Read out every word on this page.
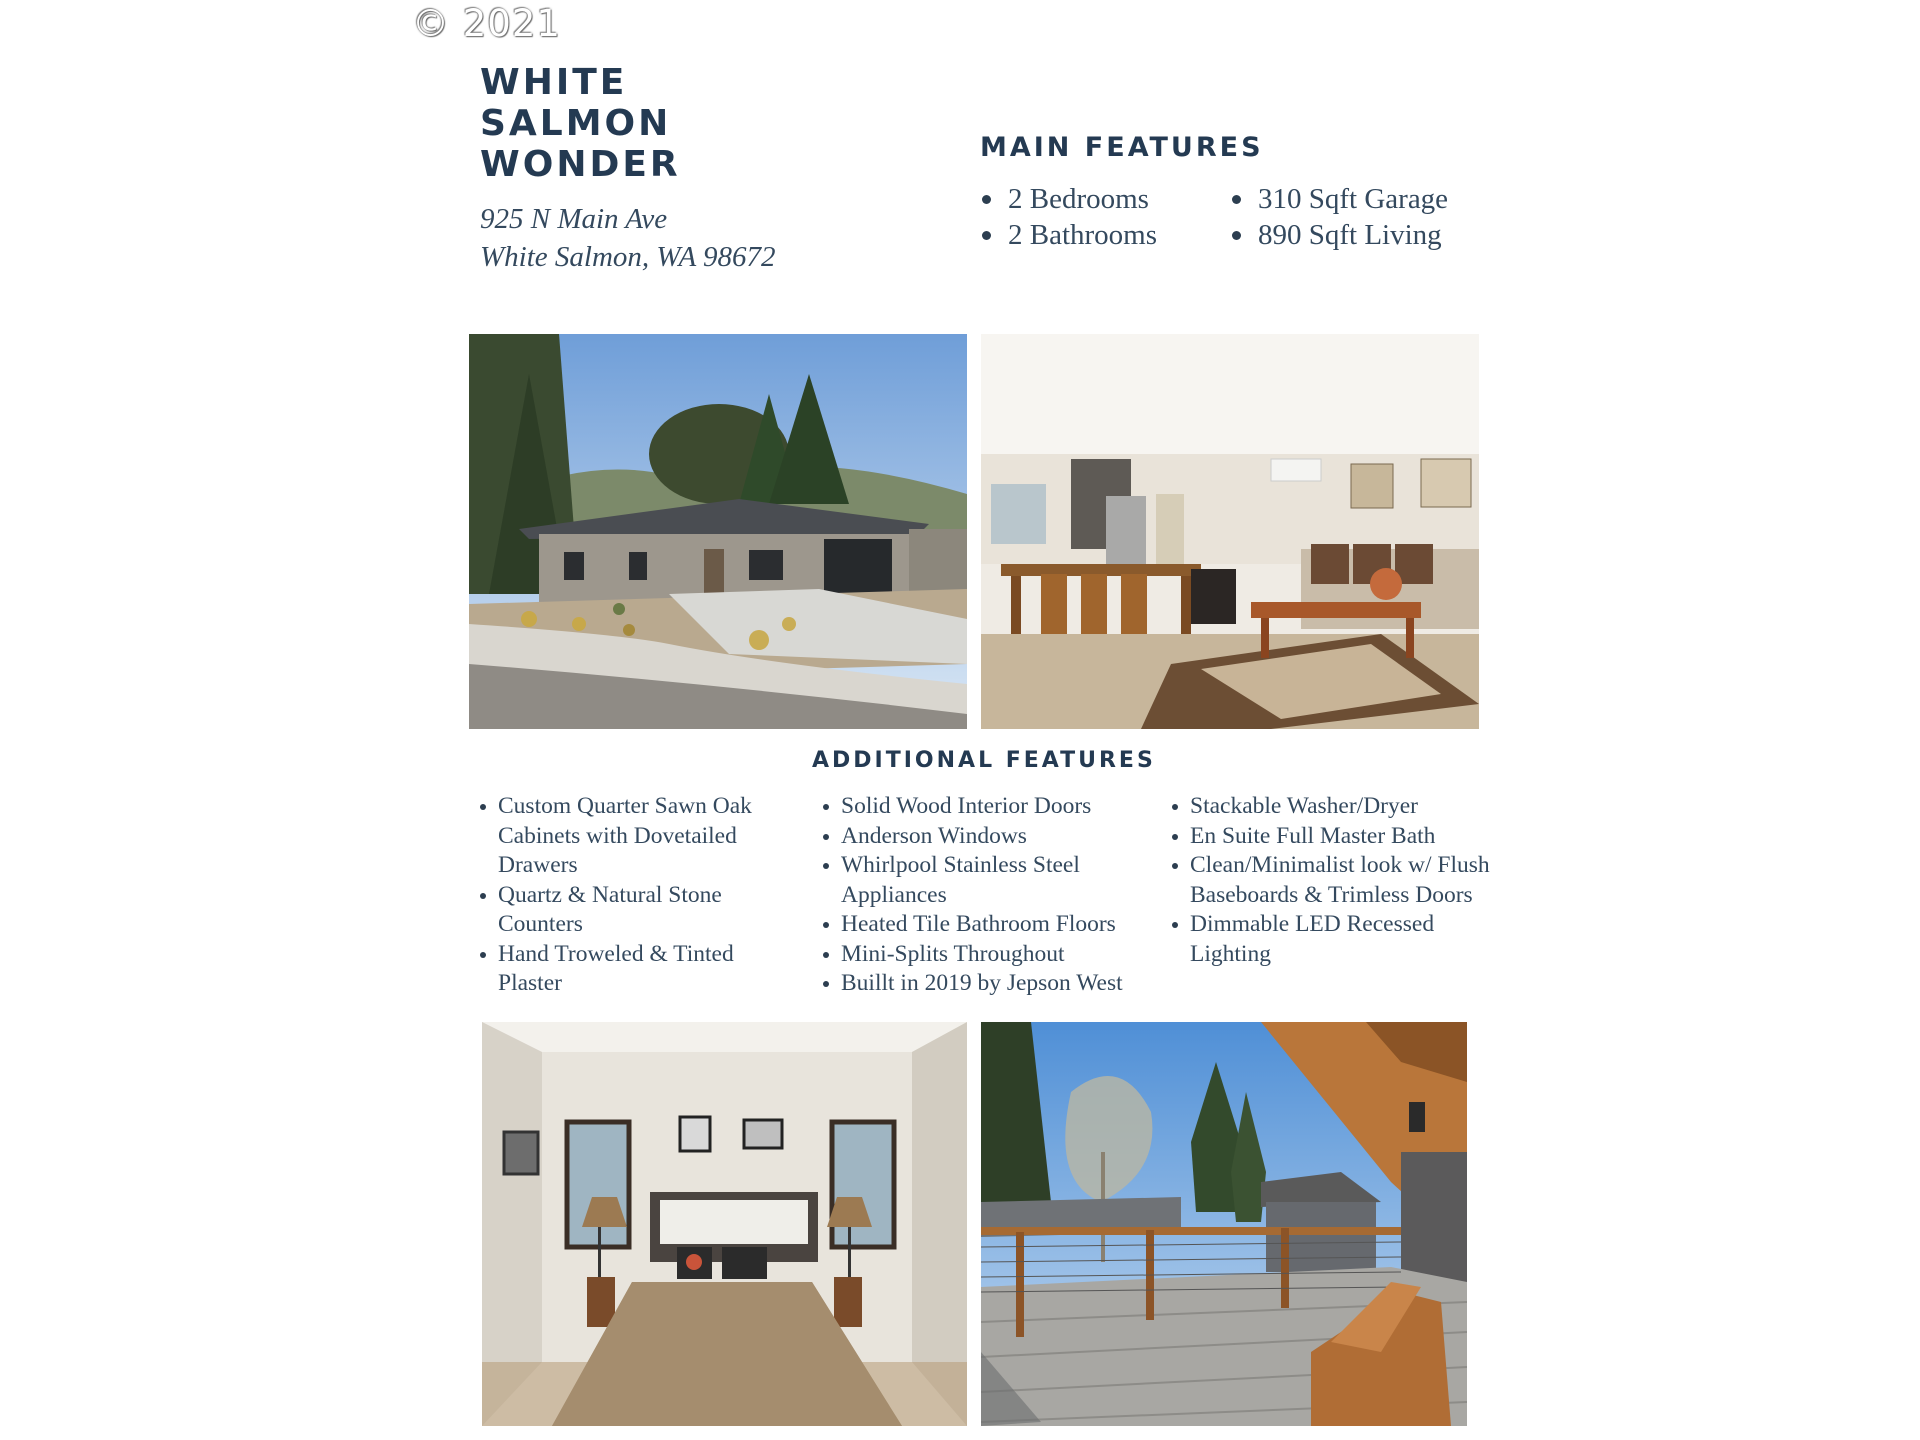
© 2021
WHITE
SALMON
WONDER
925 N Main Ave
White Salmon, WA 98672
MAIN FEATURES
2 Bedrooms
2 Bathrooms
310 Sqft Garage
890 Sqft Living
ADDITIONAL FEATURES
Custom Quarter Sawn Oak Cabinets with Dovetailed Drawers
Quartz & Natural Stone Counters
Hand Troweled & Tinted Plaster
Solid Wood Interior Doors
Anderson Windows
Whirlpool Stainless Steel Appliances
Heated Tile Bathroom Floors
Mini-Splits Throughout
Buillt in 2019 by Jepson West
Stackable Washer/Dryer
En Suite Full Master Bath
Clean/Minimalist look w/ Flush Baseboards & Trimless Doors
Dimmable LED Recessed Lighting
